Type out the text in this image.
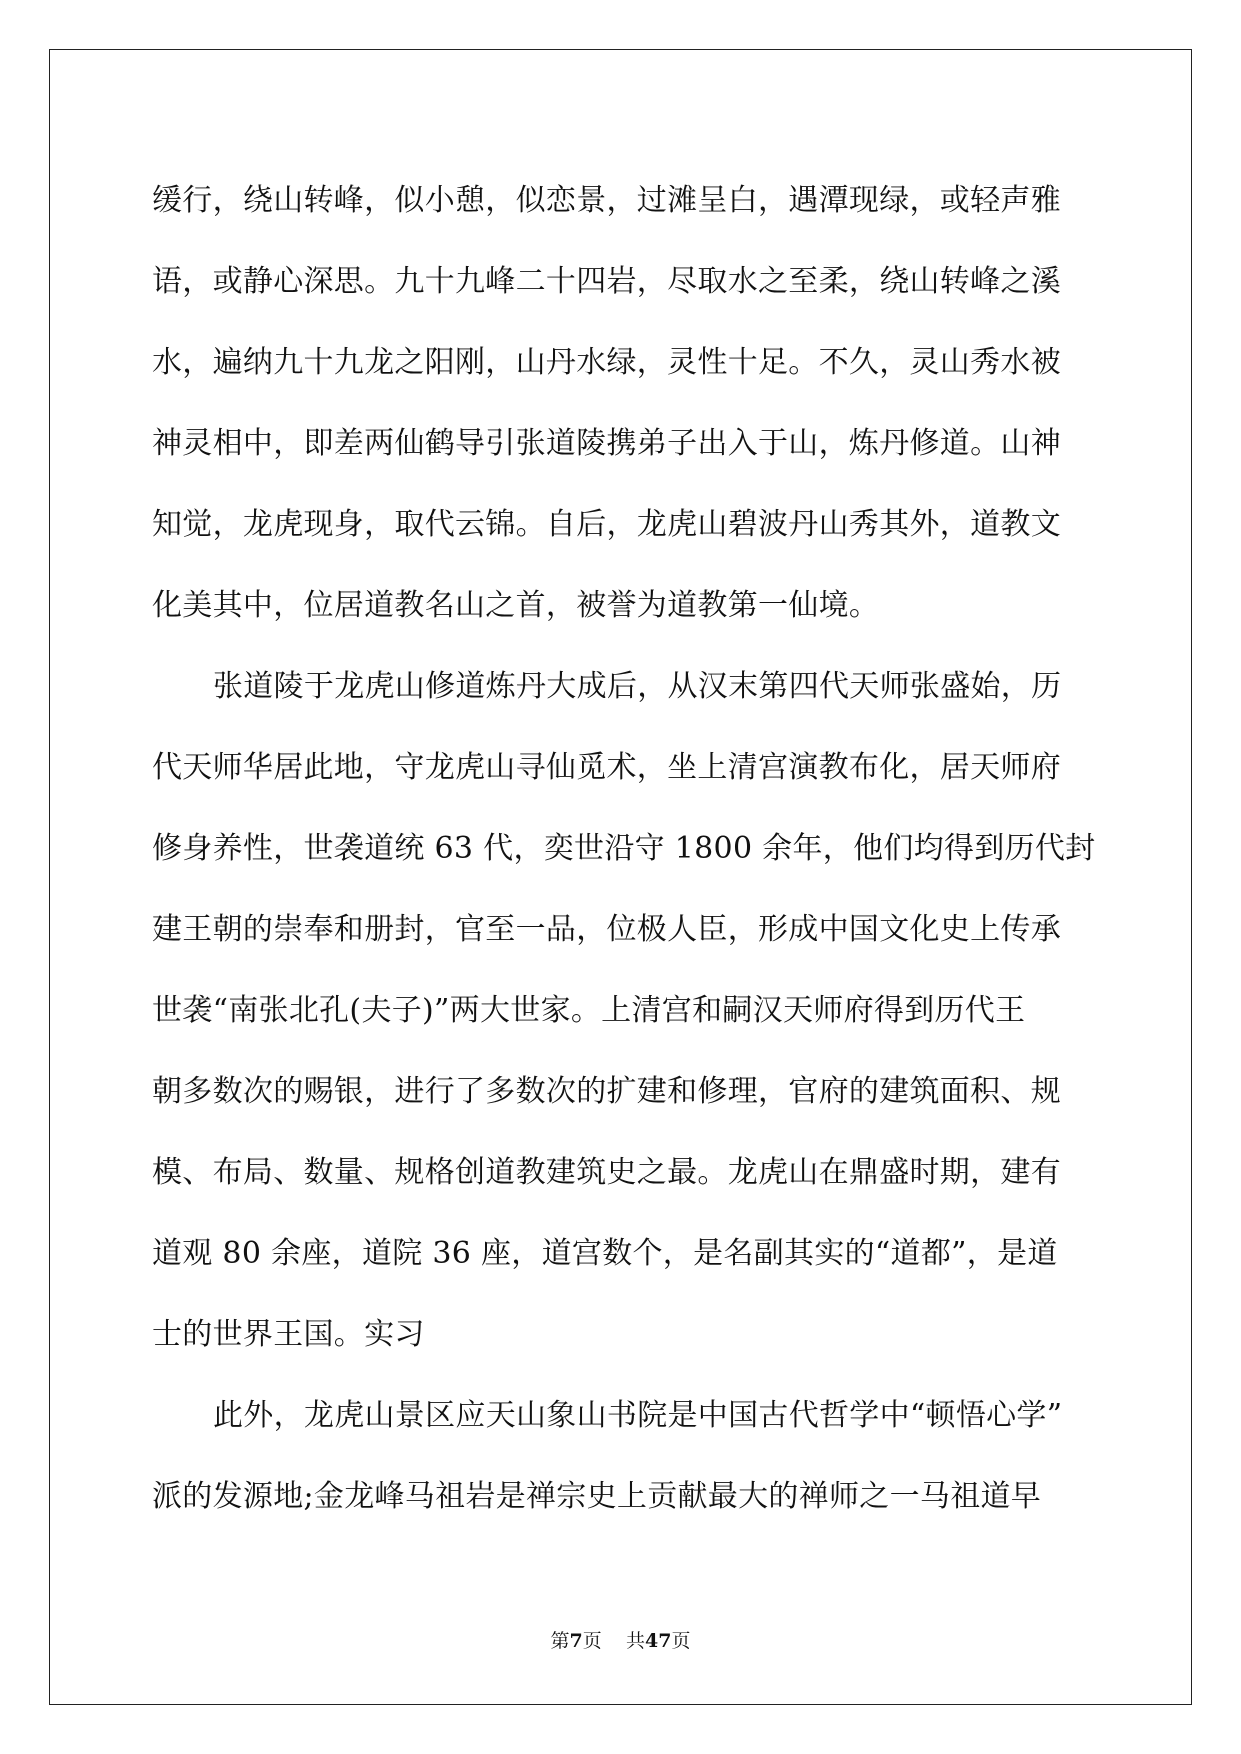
缓行，绕山转峰，似小憩，似恋景，过滩呈白，遇潭现绿，或轻声雅

语，或静心深思。九十九峰二十四岩，尽取水之至柔，绕山转峰之溪

水，遍纳九十九龙之阳刚，山丹水绿，灵性十足。不久，灵山秀水被

神灵相中，即差两仙鹤导引张道陵携弟子出入于山，炼丹修道。山神

知觉，龙虎现身，取代云锦。自后，龙虎山碧波丹山秀其外，道教文

化美其中，位居道教名山之首，被誉为道教第一仙境。

张道陵于龙虎山修道炼丹大成后，从汉末第四代天师张盛始，历

代天师华居此地，守龙虎山寻仙觅术，坐上清宫演教布化，居天师府

修身养性，世袭道统 63 代，奕世沿守 1800 余年，他们均得到历代封

建王朝的崇奉和册封，官至一品，位极人臣，形成中国文化史上传承

世袭“南张北孔(夫子)”两大世家。上清宫和嗣汉天师府得到历代王

朝多数次的赐银，进行了多数次的扩建和修理，官府的建筑面积、规

模、布局、数量、规格创道教建筑史之最。龙虎山在鼎盛时期，建有

道观 80 余座，道院 36 座，道宫数个，是名副其实的“道都”，是道

士的世界王国。实习

此外，龙虎山景区应天山象山书院是中国古代哲学中“顿悟心学”

派的发源地;金龙峰马祖岩是禅宗史上贡献最大的禅师之一马祖道早

第7页 共47页
